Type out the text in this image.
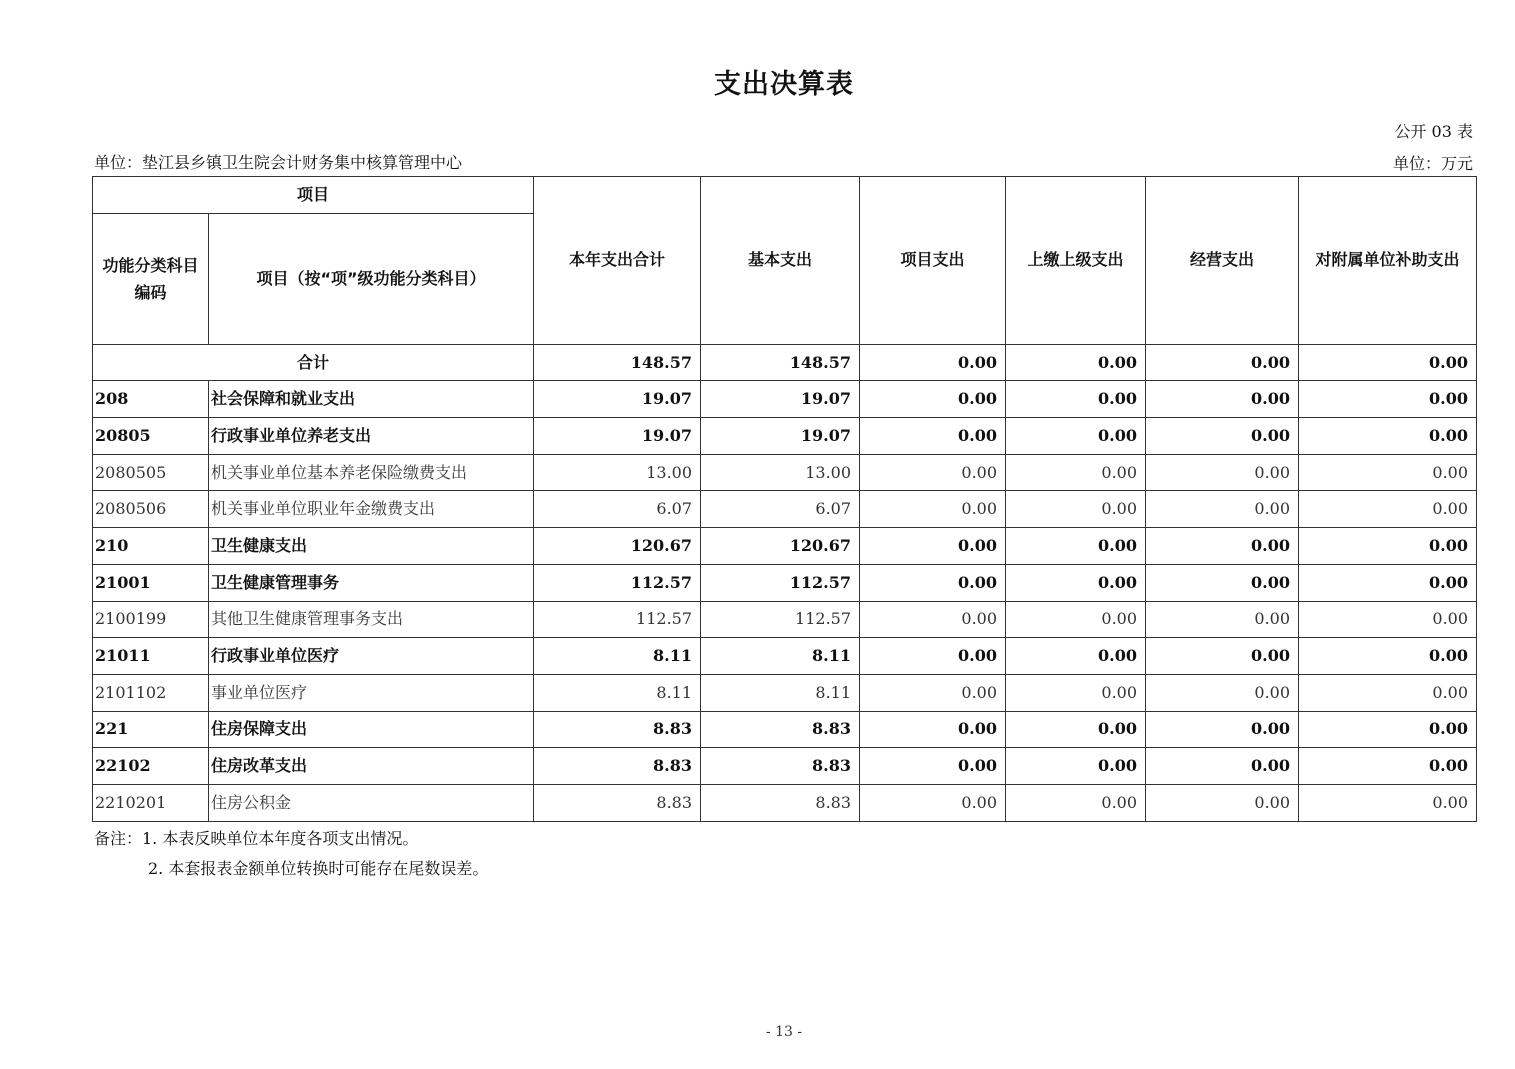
支出决算表
公开 03 表
单位：垫江县乡镇卫生院会计财务集中核算管理中心	单位：万元
项目		本年支出合计	基本支出	项目支出	上缴上级支出	经营支出	对附属单位补助支出
功能分类科目编码	项目（按“项”级功能分类科目）						
合计		148.57	148.57	0.00	0.00	0.00	0.00
208	社会保障和就业支出	19.07	19.07	0.00	0.00	0.00	0.00
20805	行政事业单位养老支出	19.07	19.07	0.00	0.00	0.00	0.00
2080505	机关事业单位基本养老保险缴费支出	13.00	13.00	0.00	0.00	0.00	0.00
2080506	机关事业单位职业年金缴费支出	6.07	6.07	0.00	0.00	0.00	0.00
210	卫生健康支出	120.67	120.67	0.00	0.00	0.00	0.00
21001	卫生健康管理事务	112.57	112.57	0.00	0.00	0.00	0.00
2100199	其他卫生健康管理事务支出	112.57	112.57	0.00	0.00	0.00	0.00
21011	行政事业单位医疗	8.11	8.11	0.00	0.00	0.00	0.00
2101102	事业单位医疗	8.11	8.11	0.00	0.00	0.00	0.00
221	住房保障支出	8.83	8.83	0.00	0.00	0.00	0.00
22102	住房改革支出	8.83	8.83	0.00	0.00	0.00	0.00
2210201	住房公积金	8.83	8.83	0.00	0.00	0.00	0.00
备注：1. 本表反映单位本年度各项支出情况。
2. 本套报表金额单位转换时可能存在尾数误差。
- 13 -
